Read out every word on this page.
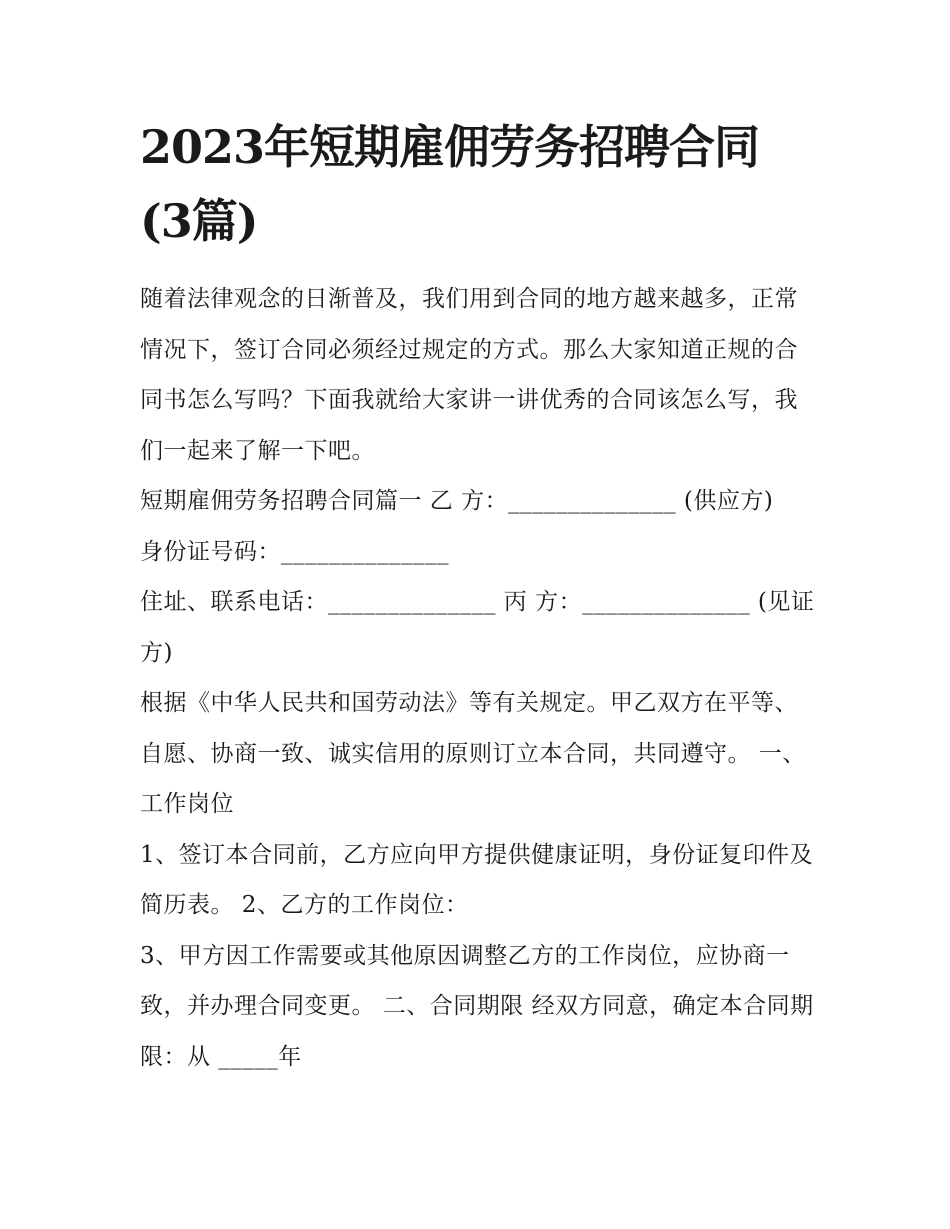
2023年短期雇佣劳务招聘合同
(3篇)

随着法律观念的日渐普及，我们用到合同的地方越来越多，正常情况下，签订合同必须经过规定的方式。那么大家知道正规的合同书怎么写吗？下面我就给大家讲一讲优秀的合同该怎么写，我们一起来了解一下吧。

短期雇佣劳务招聘合同篇一 乙 方：______________ (供应方)

身份证号码：______________

住址、联系电话：______________ 丙 方：______________ (见证方)

根据《中华人民共和国劳动法》等有关规定。甲乙双方在平等、自愿、协商一致、诚实信用的原则订立本合同，共同遵守。 一、工作岗位

1、签订本合同前，乙方应向甲方提供健康证明，身份证复印件及简历表。 2、乙方的工作岗位：

3、甲方因工作需要或其他原因调整乙方的工作岗位，应协商一致，并办理合同变更。 二、合同期限 经双方同意，确定本合同期限：从 _____年
